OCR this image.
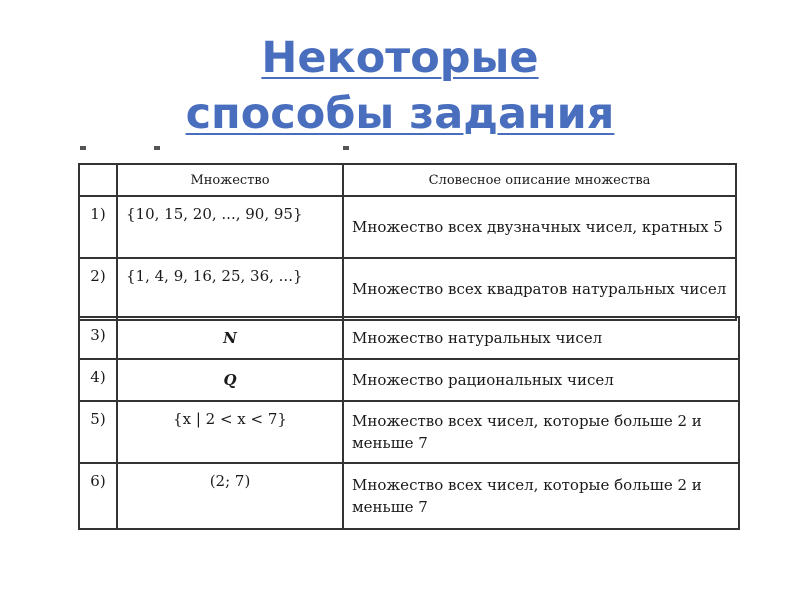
Некоторые
способы задания
	Множество	Словесное описание множества
1)	{10, 15, 20, ..., 90, 95}	Множество всех двузначных чисел, кратных 5
2)	{1, 4, 9, 16, 25, 36, ...}	Множество всех квадратов натуральных чисел
3)	N	Множество натуральных чисел
4)	Q	Множество рациональных чисел
5)	{x | 2 < x < 7}	Множество всех чисел, которые больше 2 и меньше 7
6)	(2; 7)	Множество всех чисел, которые больше 2 и меньше 7
